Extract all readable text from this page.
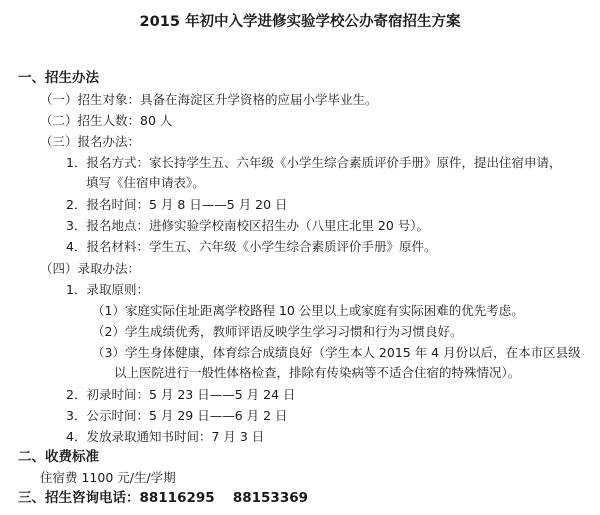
2015 年初中入学进修实验学校公办寄宿招生方案
一、招生办法
（一）招生对象：具备在海淀区升学资格的应届小学毕业生。
（二）招生人数：80 人
（三）报名办法：
1．报名方式：家长持学生五、六年级《小学生综合素质评价手册》原件，提出住宿申请，
填写《住宿申请表》。
2．报名时间：5 月 8 日——5 月 20 日
3．报名地点：进修实验学校南校区招生办（八里庄北里 20 号）。
4．报名材料：学生五、六年级《小学生综合素质评价手册》原件。
（四）录取办法：
1．录取原则：
（1）家庭实际住址距离学校路程 10 公里以上或家庭有实际困难的优先考虑。
（2）学生成绩优秀，教师评语反映学生学习习惯和行为习惯良好。
（3）学生身体健康，体育综合成绩良好（学生本人 2015 年 4 月份以后，在本市区县级
以上医院进行一般性体格检查，排除有传染病等不适合住宿的特殊情况）。
2．初录时间：5 月 23 日——5 月 24 日
3．公示时间：5 月 29 日——6 月 2 日
4．发放录取通知书时间：7 月 3 日
二、收费标准
住宿费 1100 元/生/学期
三、招生咨询电话：88116295　 88153369
